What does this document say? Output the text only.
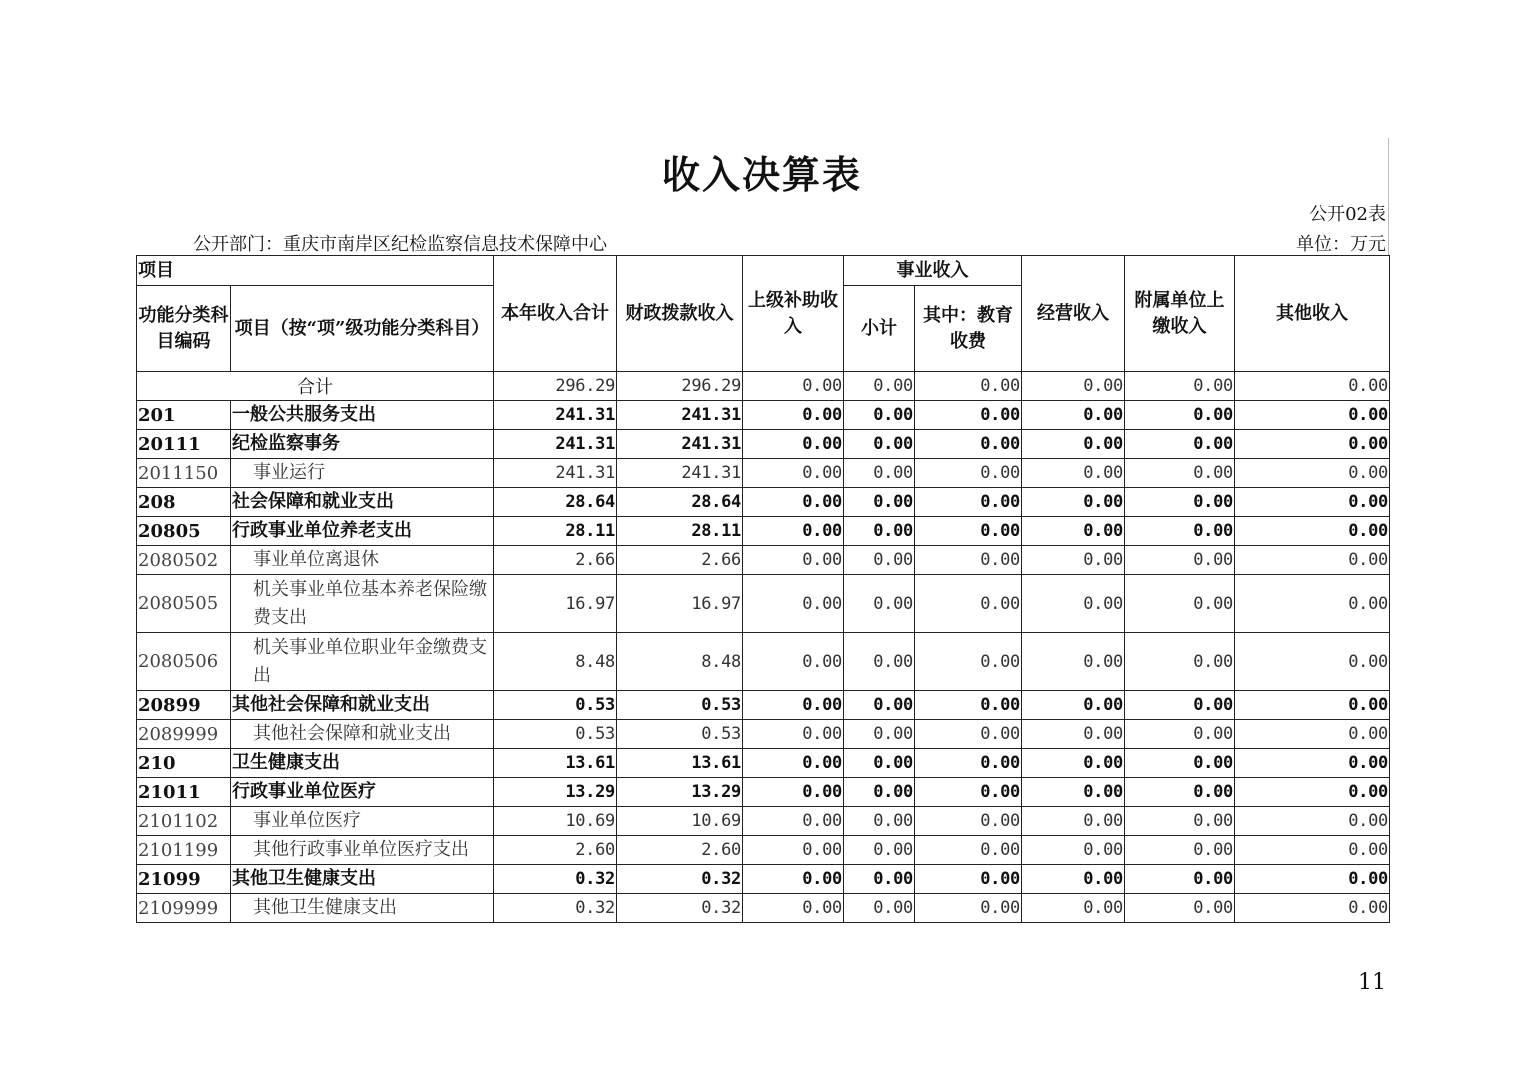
收入决算表
公开02表
公开部门：重庆市南岸区纪检监察信息技术保障中心	单位：万元
项目		本年收入合计	财政拨款收入	上级补助收入	事业收入		经营收入	附属单位上缴收入	其他收入
功能分类科目编码	项目（按“项”级功能分类科目）				小计	其中：教育收费			
合计		296.29	296.29	0.00	0.00	0.00	0.00	0.00	0.00
201	一般公共服务支出	241.31	241.31	0.00	0.00	0.00	0.00	0.00	0.00
20111	纪检监察事务	241.31	241.31	0.00	0.00	0.00	0.00	0.00	0.00
2011150	事业运行	241.31	241.31	0.00	0.00	0.00	0.00	0.00	0.00
208	社会保障和就业支出	28.64	28.64	0.00	0.00	0.00	0.00	0.00	0.00
20805	行政事业单位养老支出	28.11	28.11	0.00	0.00	0.00	0.00	0.00	0.00
2080502	事业单位离退休	2.66	2.66	0.00	0.00	0.00	0.00	0.00	0.00
2080505	机关事业单位基本养老保险缴费支出	16.97	16.97	0.00	0.00	0.00	0.00	0.00	0.00
2080506	机关事业单位职业年金缴费支出	8.48	8.48	0.00	0.00	0.00	0.00	0.00	0.00
20899	其他社会保障和就业支出	0.53	0.53	0.00	0.00	0.00	0.00	0.00	0.00
2089999	其他社会保障和就业支出	0.53	0.53	0.00	0.00	0.00	0.00	0.00	0.00
210	卫生健康支出	13.61	13.61	0.00	0.00	0.00	0.00	0.00	0.00
21011	行政事业单位医疗	13.29	13.29	0.00	0.00	0.00	0.00	0.00	0.00
2101102	事业单位医疗	10.69	10.69	0.00	0.00	0.00	0.00	0.00	0.00
2101199	其他行政事业单位医疗支出	2.60	2.60	0.00	0.00	0.00	0.00	0.00	0.00
21099	其他卫生健康支出	0.32	0.32	0.00	0.00	0.00	0.00	0.00	0.00
2109999	其他卫生健康支出	0.32	0.32	0.00	0.00	0.00	0.00	0.00	0.00
11
